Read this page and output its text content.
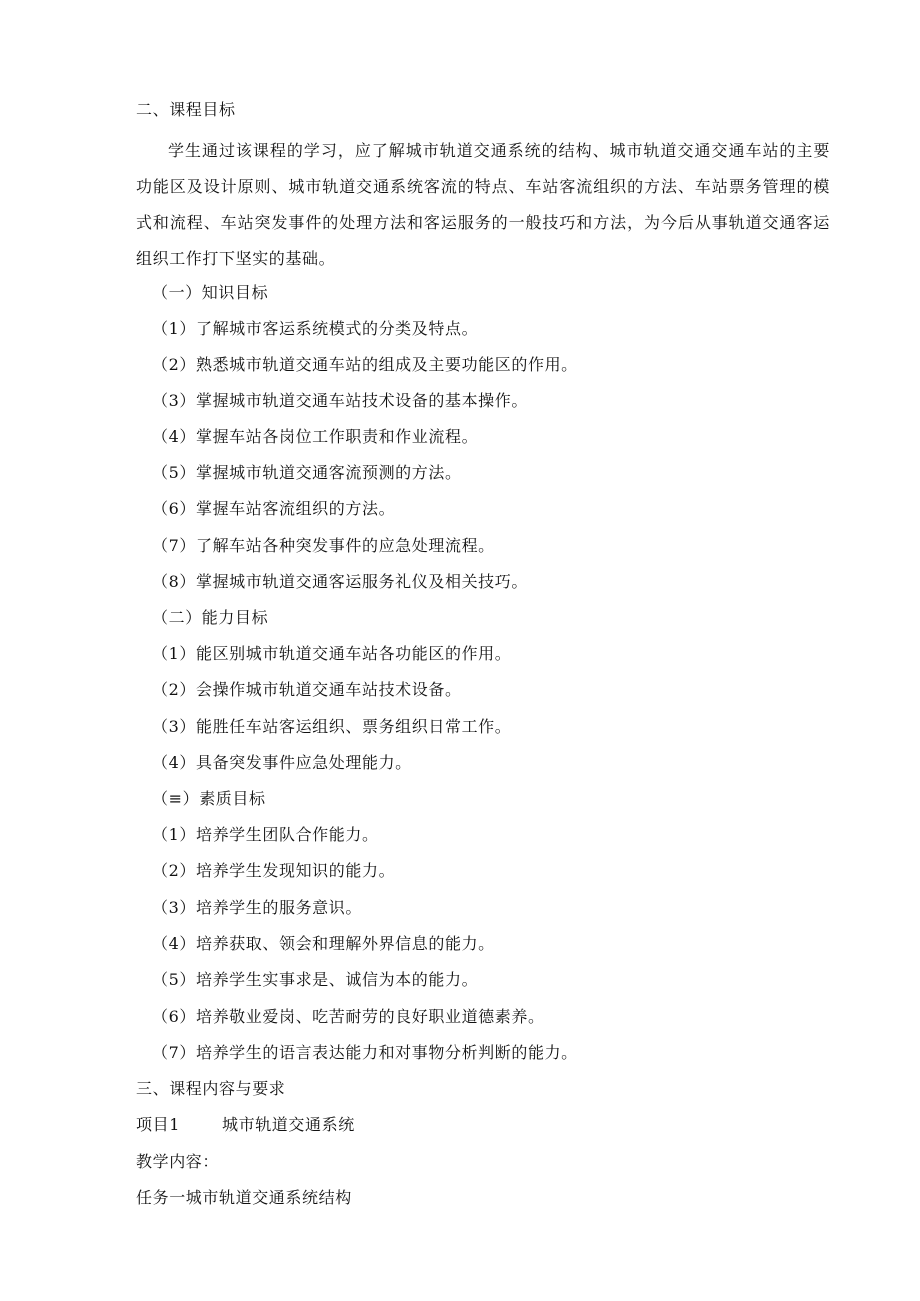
二、课程目标
学生通过该课程的学习，应了解城市轨道交通系统的结构、城市轨道交通交通车站的主要功能区及设计原则、城市轨道交通系统客流的特点、车站客流组织的方法、车站票务管理的模式和流程、车站突发事件的处理方法和客运服务的一般技巧和方法，为今后从事轨道交通客运组织工作打下坚实的基础。
（一）知识目标
（1）了解城市客运系统模式的分类及特点。
（2）熟悉城市轨道交通车站的组成及主要功能区的作用。
（3）掌握城市轨道交通车站技术设备的基本操作。
（4）掌握车站各岗位工作职责和作业流程。
（5）掌握城市轨道交通客流预测的方法。
（6）掌握车站客流组织的方法。
（7）了解车站各种突发事件的应急处理流程。
（8）掌握城市轨道交通客运服务礼仪及相关技巧。
（二）能力目标
（1）能区别城市轨道交通车站各功能区的作用。
（2）会操作城市轨道交通车站技术设备。
（3）能胜任车站客运组织、票务组织日常工作。
（4）具备突发事件应急处理能力。
（≡）素质目标
（1）培养学生团队合作能力。
（2）培养学生发现知识的能力。
（3）培养学生的服务意识。
（4）培养获取、领会和理解外界信息的能力。
（5）培养学生实事求是、诚信为本的能力。
（6）培养敬业爱岗、吃苦耐劳的良好职业道德素养。
（7）培养学生的语言表达能力和对事物分析判断的能力。
三、课程内容与要求
项目1	城市轨道交通系统
教学内容：
任务一城市轨道交通系统结构
